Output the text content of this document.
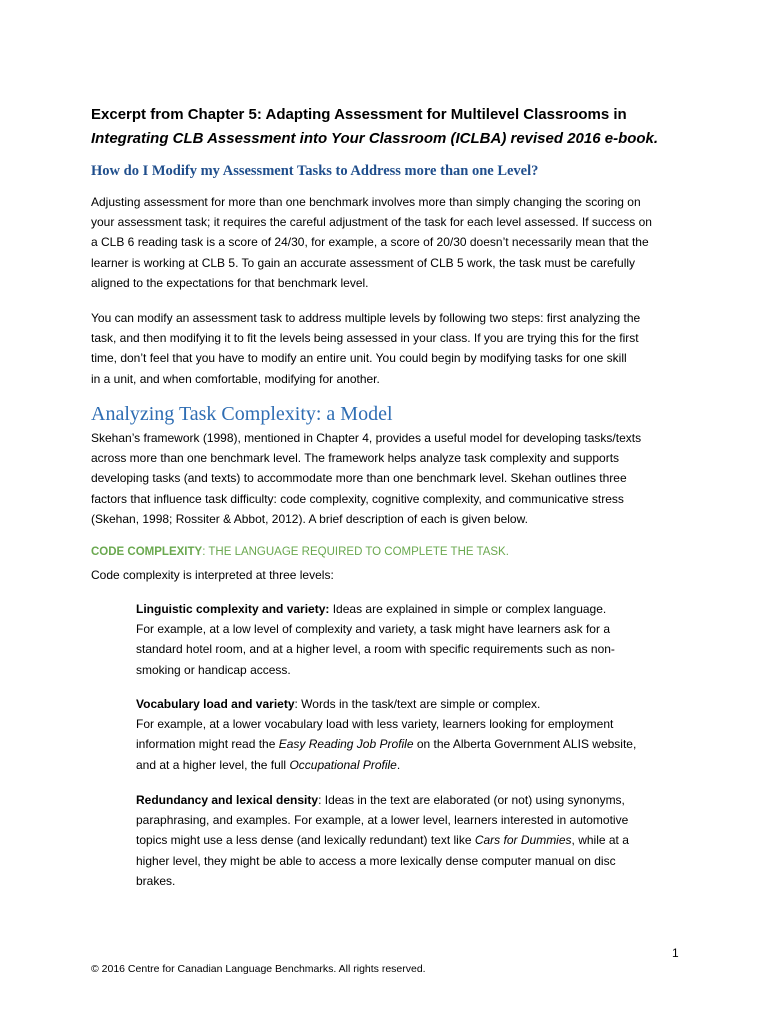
Excerpt from Chapter 5: Adapting Assessment for Multilevel Classrooms in
Integrating CLB Assessment into Your Classroom (ICLBA) revised 2016 e-book.
How do I Modify my Assessment Tasks to Address more than one Level?

Adjusting assessment for more than one benchmark involves more than simply changing the scoring on
your assessment task; it requires the careful adjustment of the task for each level assessed. If success on
a CLB 6 reading task is a score of 24/30, for example, a score of 20/30 doesn’t necessarily mean that the
learner is working at CLB 5. To gain an accurate assessment of CLB 5 work, the task must be carefully
aligned to the expectations for that benchmark level.

You can modify an assessment task to address multiple levels by following two steps: first analyzing the
task, and then modifying it to fit the levels being assessed in your class. If you are trying this for the first
time, don’t feel that you have to modify an entire unit. You could begin by modifying tasks for one skill
in a unit, and when comfortable, modifying for another.

Analyzing Task Complexity: a Model

Skehan’s framework (1998), mentioned in Chapter 4, provides a useful model for developing tasks/texts
across more than one benchmark level. The framework helps analyze task complexity and supports
developing tasks (and texts) to accommodate more than one benchmark level. Skehan outlines three
factors that influence task difficulty: code complexity, cognitive complexity, and communicative stress
(Skehan, 1998; Rossiter & Abbot, 2012). A brief description of each is given below.

CODE COMPLEXITY: THE LANGUAGE REQUIRED TO COMPLETE THE TASK.

Code complexity is interpreted at three levels:

Linguistic complexity and variety: Ideas are explained in simple or complex language.
For example, at a low level of complexity and variety, a task might have learners ask for a
standard hotel room, and at a higher level, a room with specific requirements such as non-
smoking or handicap access.

Vocabulary load and variety: Words in the task/text are simple or complex.
For example, at a lower vocabulary load with less variety, learners looking for employment
information might read the Easy Reading Job Profile on the Alberta Government ALIS website,
and at a higher level, the full Occupational Profile.

Redundancy and lexical density: Ideas in the text are elaborated (or not) using synonyms,
paraphrasing, and examples. For example, at a lower level, learners interested in automotive
topics might use a less dense (and lexically redundant) text like Cars for Dummies, while at a
higher level, they might be able to access a more lexically dense computer manual on disc
brakes.

1
© 2016 Centre for Canadian Language Benchmarks. All rights reserved.
